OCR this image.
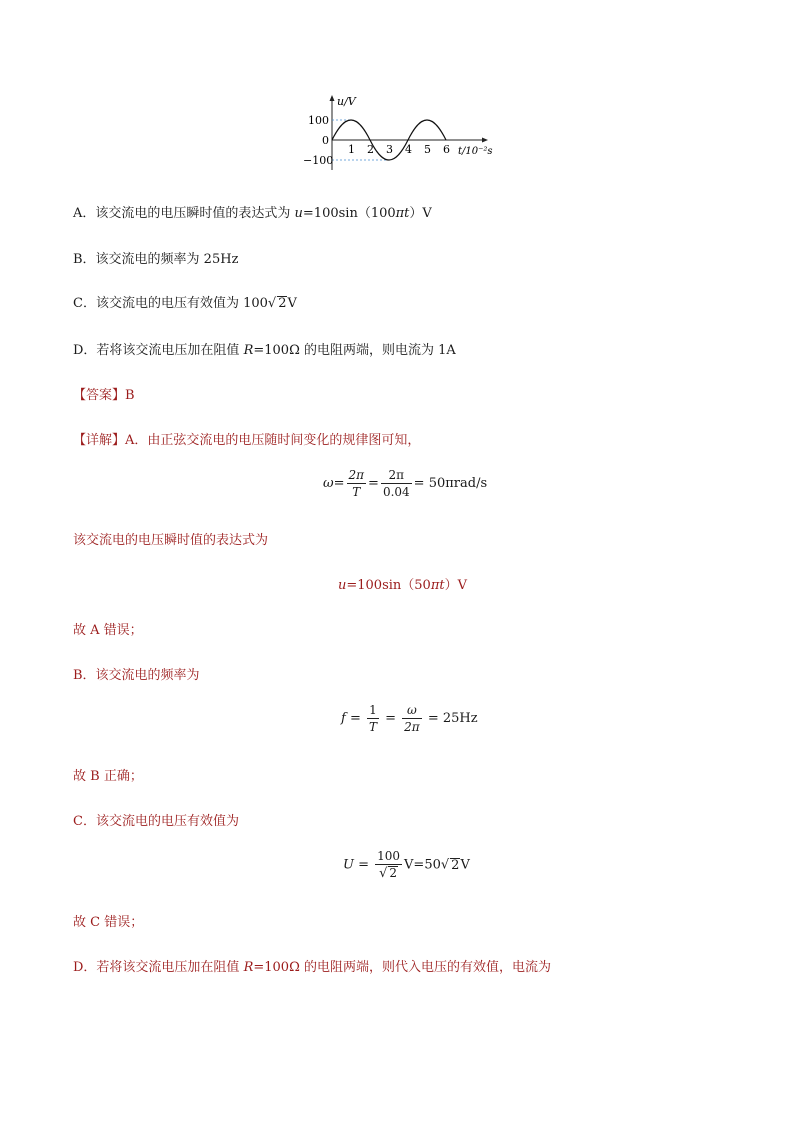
u/V
100
0
−100
1 2 3 4 5 6 t/10⁻²s
A．该交流电的电压瞬时值的表达式为 u=100sin（100πt）V
B．该交流电的频率为 25Hz
C．该交流电的电压有效值为 100√ 2V
D．若将该交流电压加在阻值 R=100Ω 的电阻两端，则电流为 1A
【答案】B
【详解】A．由正弦交流电的电压随时间变化的规律图可知，
$\omega= \frac{2\pi}{T} = \frac{2\pi}{0.04} = 50\pi rad/s$
该交流电的电压瞬时值的表达式为
u=100sin（50πt）V
故 A 错误；
B．该交流电的频率为
$f = \frac{1}{T} = \frac{\omega}{2\pi} = 25Hz$
故 B 正确；
C．该交流电的电压有效值为
$U = \frac{100}{√ 2} V=50√$ 2V
故 C 错误；
D．若将该交流电压加在阻值 R=100Ω 的电阻两端，则代入电压的有效值，电流为
